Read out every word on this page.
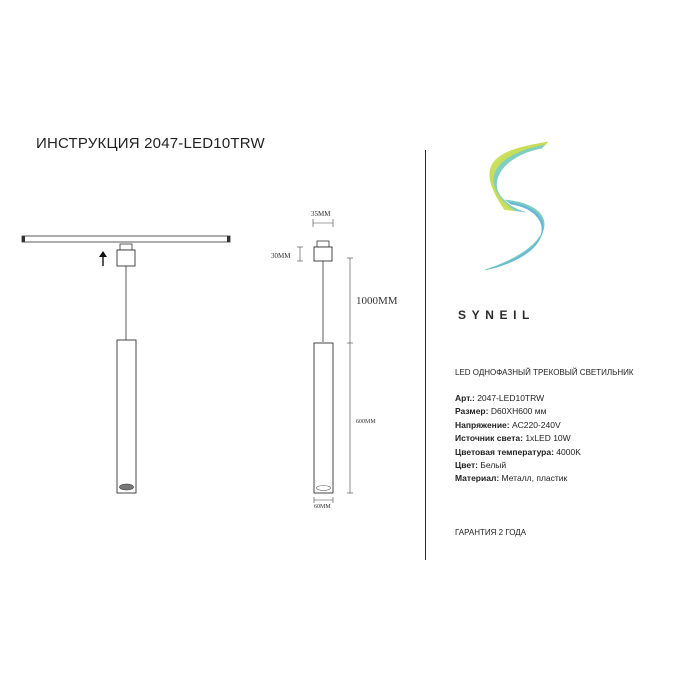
ИНСТРУКЦИЯ 2047-LED10TRW
35MM
30MM
1000MM
600MM
60MM
SYNEIL
LED ОДНОФАЗНЫЙ ТРЕКОВЫЙ СВЕТИЛЬНИК
Арт.: 2047-LED10TRW
Размер: D60XH600 мм
Напряжение: AC220-240V
Источник света: 1xLED 10W
Цветовая температура: 4000K
Цвет: Белый
Материал: Металл, пластик
ГАРАНТИЯ 2 ГОДА
